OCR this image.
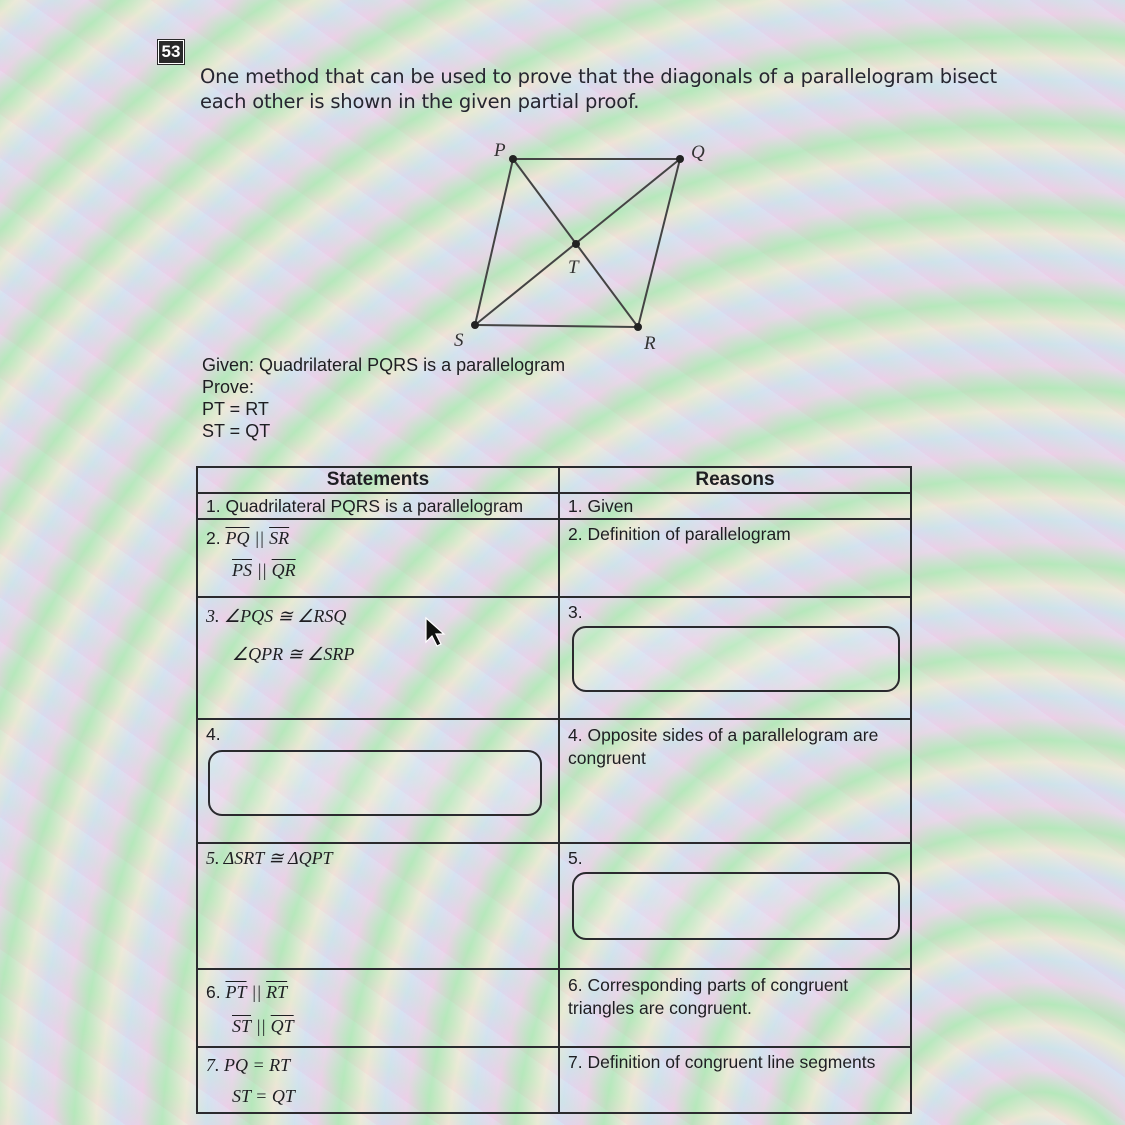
53
One method that can be used to prove that the diagonals of a parallelogram bisect each other is shown in the given partial proof.
P	Q
R
S
T
Given: Quadrilateral PQRS is a parallelogram
Prove:
PT = RT
ST = QT
Statements	Reasons

1. Quadrilateral PQRS is a parallelogram	1. Given

2. $\overline{PQ}$ || $\overline{SR}$
$\overline{PS}$ || $\overline{QR}$	2. Definition of parallelogram

3. ∠PQS ≅ ∠RSQ
∠QPR ≅ ∠SRP	3.

4.	4. Opposite sides of a parallelogram are congruent

5. ΔSRT ≅ ΔQPT	5.

6. $\overline{PT}$ || $\overline{RT}$
$\overline{ST}$ || $\overline{QT}$	6. Corresponding parts of congruent triangles are congruent.

7. PQ = RT
ST = QT	7. Definition of congruent line segments
